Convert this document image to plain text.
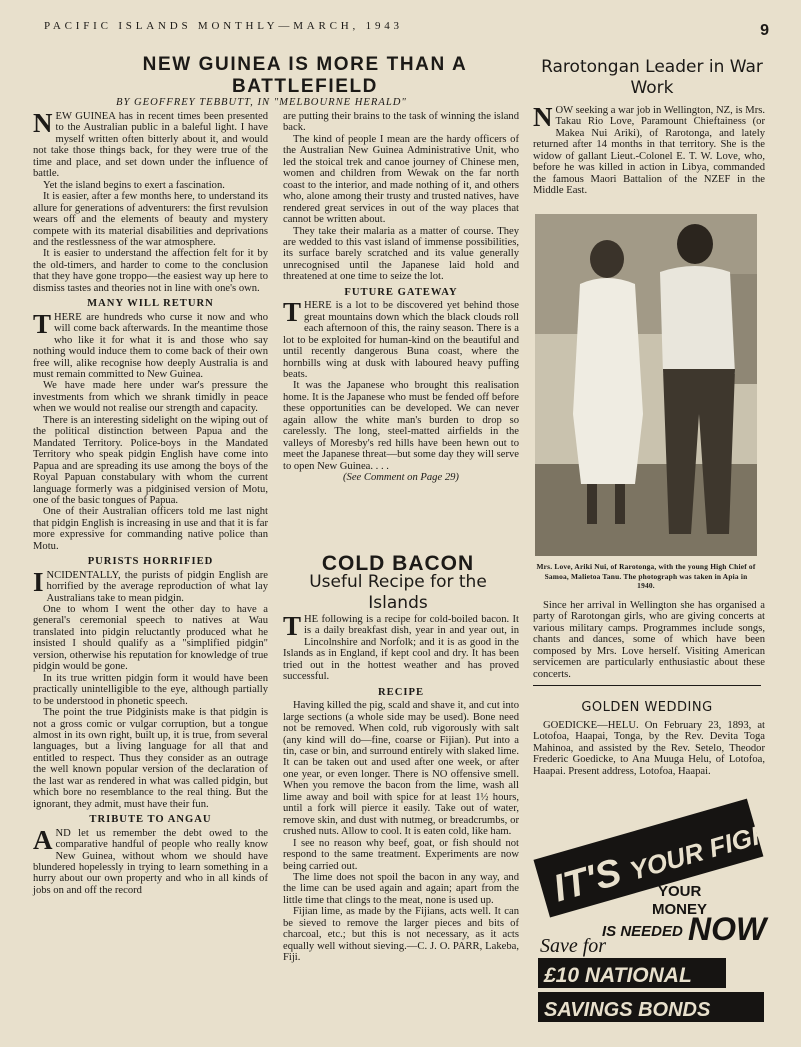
PACIFIC ISLANDS MONTHLY—MARCH, 1943	9
NEW GUINEA IS MORE THAN A BATTLEFIELD
BY GEOFFREY TEBBUTT, IN "MELBOURNE HERALD"

NEW GUINEA has in recent times been presented to the Australian public in a baleful light. I have myself written often bitterly about it, and would not take those things back, for they were true of the time and place, and set down under the influence of battle.

Yet the island begins to exert a fascination.

It is easier, after a few months here, to understand its allure for generations of adventurers: the first revulsion wears off and the elements of beauty and mystery compete with its material disabilities and deprivations and the restlessness of the war atmosphere.

It is easier to understand the affection felt for it by the old-timers, and harder to come to the conclusion that they have gone troppo—the easiest way up here to dismiss tastes and theories not in line with one's own.

MANY WILL RETURN

THERE are hundreds who curse it now and who will come back afterwards. In the meantime those who like it for what it is and those who say nothing would induce them to come back of their own free will, alike recognise how deeply Australia is and must remain committed to New Guinea.

We have made here under war's pressure the investments from which we shrank timidly in peace when we would not realise our strength and capacity.

There is an interesting sidelight on the wiping out of the political distinction between Papua and the Mandated Territory. Police-boys in the Mandated Territory who speak pidgin English have come into Papua and are spreading its use among the boys of the Royal Papuan constabulary with whom the current language formerly was a pidginised version of Motu, one of the basic tongues of Papua.

One of their Australian officers told me last night that pidgin English is increasing in use and that it is far more expressive for commanding native police than Motu.

PURISTS HORRIFIED

INCIDENTALLY, the purists of pidgin English are horrified by the average reproduction of what lay Australians take to mean pidgin.

One to whom I went the other day to have a general's ceremonial speech to natives at Wau translated into pidgin reluctantly produced what he insisted I should qualify as a "simplified pidgin" version, otherwise his reputation for knowledge of true pidgin would be gone.

In its true written pidgin form it would have been practically unintelligible to the eye, although partially to be understood in phonetic speech.

The point the true Pidginists make is that pidgin is not a gross comic or vulgar corruption, but a tongue almost in its own right, built up, it is true, from several languages, but a living language for all that and entitled to respect. Thus they consider as an outrage the well known popular version of the declaration of the last war as rendered in what was called pidgin, but which bore no resemblance to the real thing. But the ignorant, they admit, must have their fun.

TRIBUTE TO ANGAU

AND let us remember the debt owed to the comparative handful of people who really know New Guinea, without whom we should have blundered hopelessly in trying to learn something in a hurry about our own property and who in all kinds of jobs on and off the record

are putting their brains to the task of winning the island back.

The kind of people I mean are the hardy officers of the Australian New Guinea Administrative Unit, who led the stoical trek and canoe journey of Chinese men, women and children from Wewak on the far north coast to the interior, and made nothing of it, and others who, alone among their trusty and trusted natives, have rendered great services in out of the way places that cannot be written about.

They take their malaria as a matter of course. They are wedded to this vast island of immense possibilities, its surface barely scratched and its value generally unrecognised until the Japanese laid hold and threatened at one time to seize the lot.

FUTURE GATEWAY

THERE is a lot to be discovered yet behind those great mountains down which the black clouds roll each afternoon of this, the rainy season. There is a lot to be exploited for human-kind on the beautiful and until recently dangerous Buna coast, where the hornbills wing at dusk with laboured heavy puffing beats.

It was the Japanese who brought this realisation home. It is the Japanese who must be fended off before these opportunities can be developed. We can never again allow the white man's burden to drop so carelessly. The long, steel-matted airfields in the valleys of Moresby's red hills have been hewn out to meet the Japanese threat—but some day they will serve to open New Guinea. . . .

(See Comment on Page 29)

COLD BACON
Useful Recipe for the Islands

THE following is a recipe for cold-boiled bacon. It is a daily breakfast dish, year in and year out, in Lincolnshire and Norfolk; and it is as good in the Islands as in England, if kept cool and dry. It has been tried out in the hottest weather and has proved successful.

RECIPE

Having killed the pig, scald and shave it, and cut into large sections (a whole side may be used). Bone need not be removed. When cold, rub vigorously with salt (any kind will do—fine, coarse or Fijian). Put into a tin, case or bin, and surround entirely with slaked lime. It can be taken out and used after one week, or after one year, or even longer. There is NO offensive smell. When you remove the bacon from the lime, wash all lime away and boil with spice for at least 1½ hours, until a fork will pierce it easily. Take out of water, remove skin, and dust with nutmeg, or breadcrumbs, or crushed nuts. Allow to cool. It is eaten cold, like ham.

I see no reason why beef, goat, or fish should not respond to the same treatment. Experiments are now being carried out.

The lime does not spoil the bacon in any way, and the lime can be used again and again; apart from the little time that clings to the meat, none is used up.

Fijian lime, as made by the Fijians, acts well. It can be sieved to remove the larger pieces and bits of charcoal, etc.; but this is not necessary, as it acts equally well without sieving.—C. J. O. PARR, Lakeba, Fiji.

Rarotongan Leader in War Work

NOW seeking a war job in Wellington, NZ, is Mrs. Takau Rio Love, Paramount Chieftainess (or Makea Nui Ariki), of Rarotonga, and lately returned after 14 months in that territory. She is the widow of gallant Lieut.-Colonel E. T. W. Love, who, before he was killed in action in Libya, commanded the famous Maori Battalion of the NZEF in the Middle East.

Mrs. Love, Ariki Nui, of Rarotonga, with the young High Chief of Samoa, Malietoa Tanu. The photograph was taken in Apia in 1940.

Since her arrival in Wellington she has organised a party of Rarotongan girls, who are giving concerts at various military camps. Programmes include songs, chants and dances, some of which have been composed by Mrs. Love herself. Visiting American servicemen are particularly enthusiastic about these concerts.

GOLDEN WEDDING

GOEDICKE—HELU. On February 23, 1893, at Lotofoa, Haapai, Tonga, by the Rev. Devita Toga Mahinoa, and assisted by the Rev. Setelo, Theodor Frederic Goedicke, to Ana Muuga Helu, of Lotofoa, Haapai. Present address, Lotofoa, Haapai.

IT'S YOUR FIGHT
YOUR
MONEY
IS NEEDED NOW
Save for
£10 NATIONAL
SAVINGS BONDS
